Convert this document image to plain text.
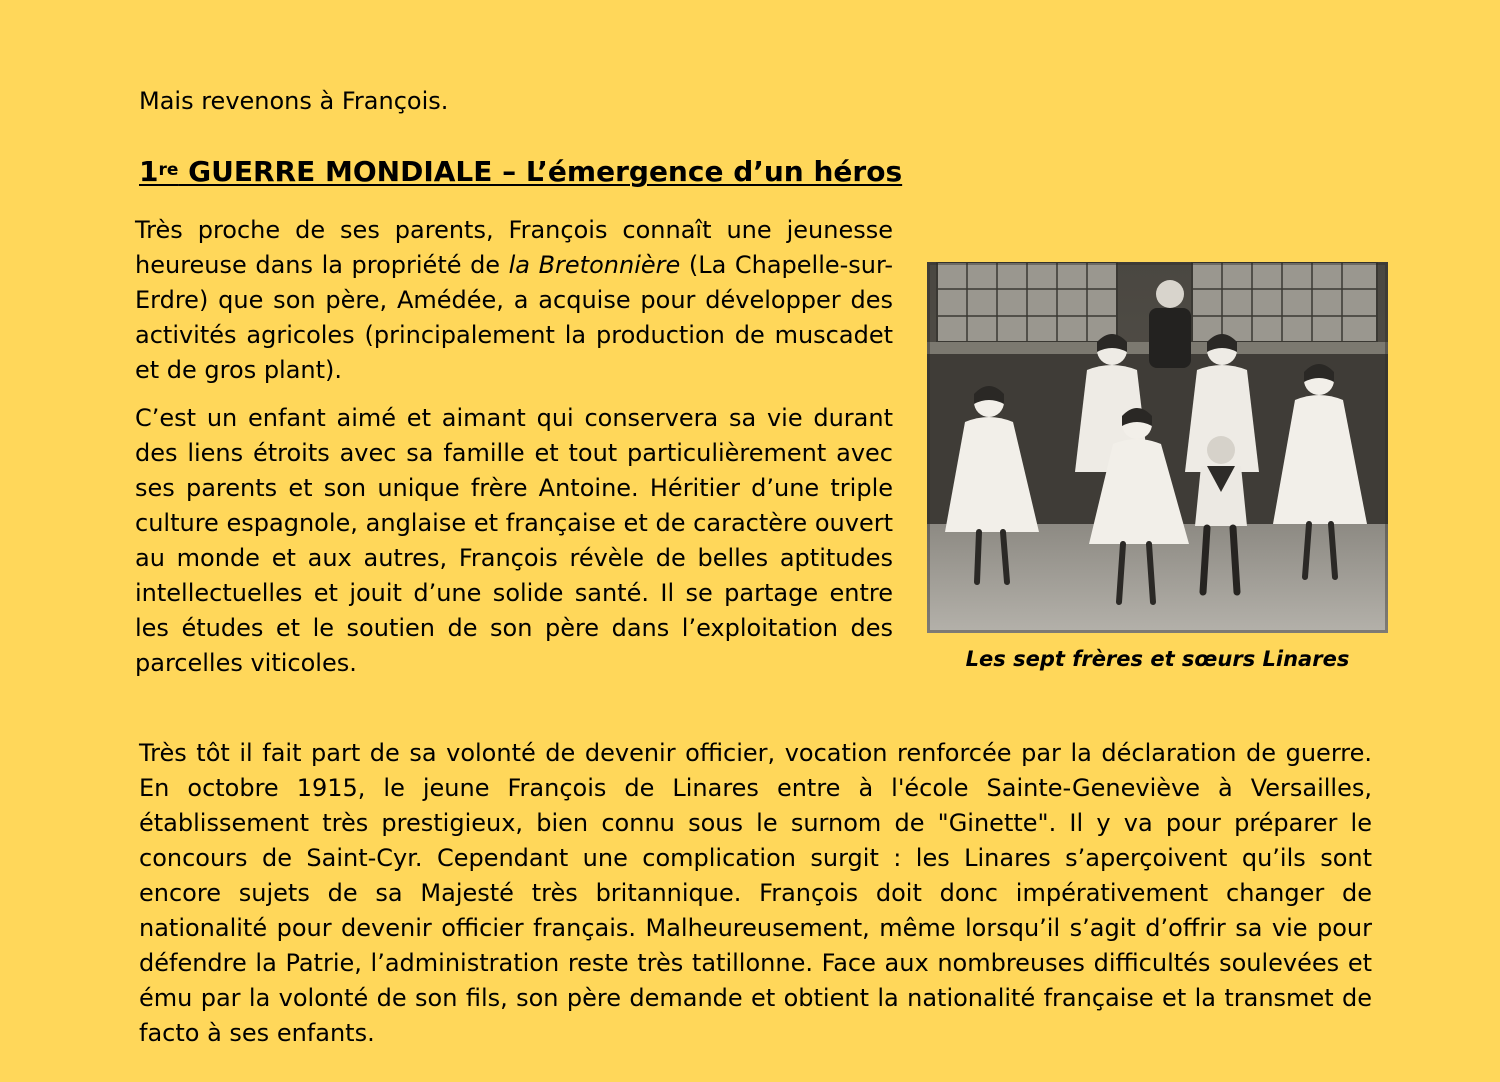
Mais revenons à François.

1re GUERRE MONDIALE – L’émergence d’un héros

Très proche de ses parents, François connaît une jeunesse heureuse dans la propriété de la Bretonnière (La Chapelle-sur-Erdre) que son père, Amédée, a acquise pour développer des activités agricoles (principalement la production de muscadet et de gros plant).

C’est un enfant aimé et aimant qui conservera sa vie durant des liens étroits avec sa famille et tout particulièrement avec ses parents et son unique frère Antoine. Héritier d’une triple culture espagnole, anglaise et française et de caractère ouvert au monde et aux autres, François révèle de belles aptitudes intellectuelles et jouit d’une solide santé. Il se partage entre les études et le soutien de son père dans l’exploitation des parcelles viticoles.	Les sept frères et sœurs Linares

Très tôt il fait part de sa volonté de devenir officier, vocation renforcée par la déclaration de guerre. En octobre 1915, le jeune François de Linares entre à l'école Sainte-Geneviève à Versailles, établissement très prestigieux, bien connu sous le surnom de "Ginette". Il y va pour préparer le concours de Saint-Cyr. Cependant une complication surgit : les Linares s’aperçoivent qu’ils sont encore sujets de sa Majesté très britannique. François doit donc impérativement changer de nationalité pour devenir officier français. Malheureusement, même lorsqu’il s’agit d’offrir sa vie pour défendre la Patrie, l’administration reste très tatillonne. Face aux nombreuses difficultés soulevées et ému par la volonté de son fils, son père demande et obtient la nationalité française et la transmet de facto à ses enfants.
